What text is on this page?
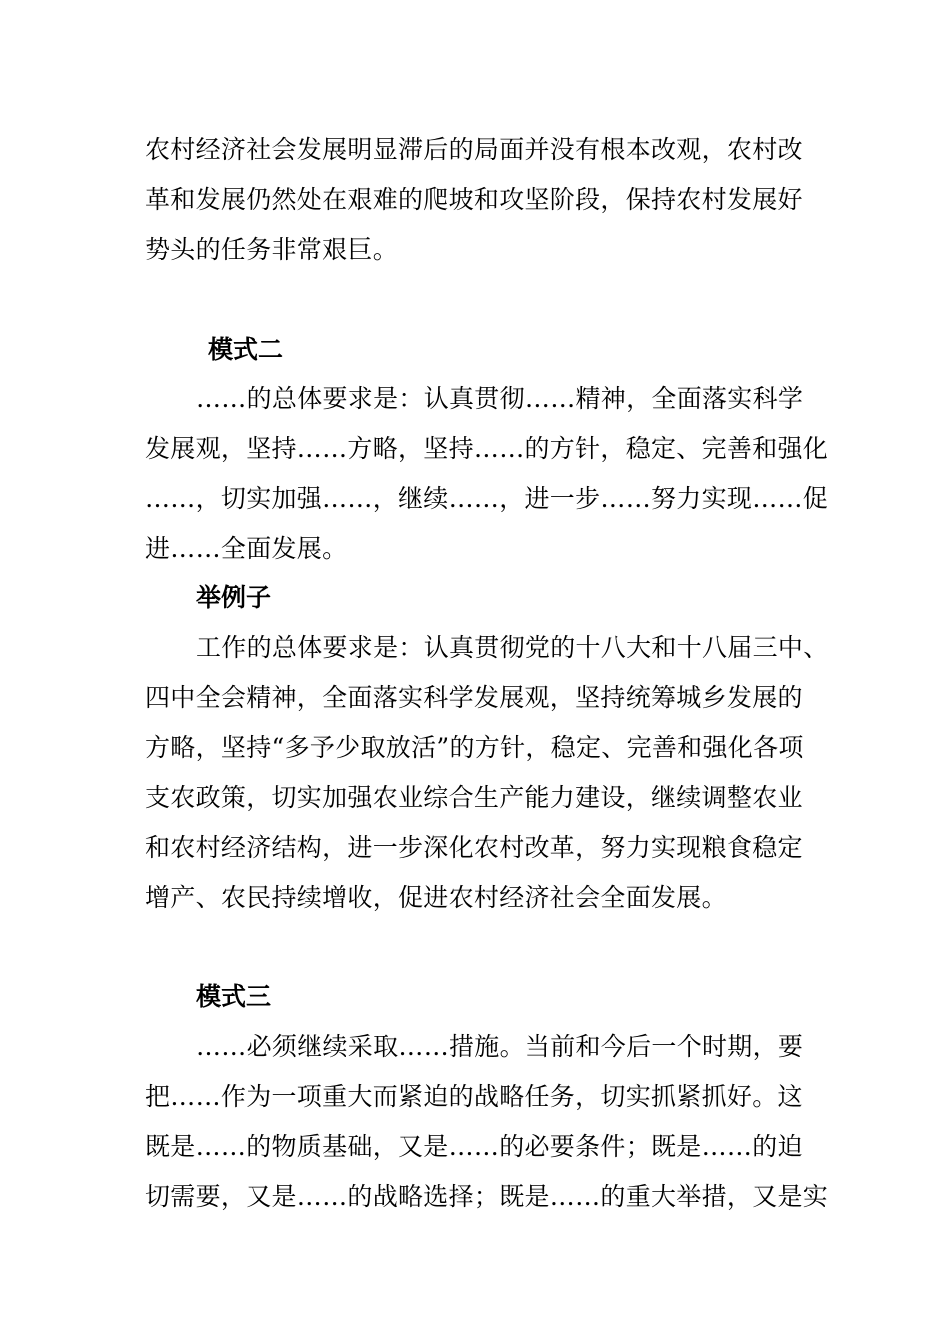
农村经济社会发展明显滞后的局面并没有根本改观，农村改
革和发展仍然处在艰难的爬坡和攻坚阶段，保持农村发展好
势头的任务非常艰巨。
模式二
……的总体要求是：认真贯彻……精神，全面落实科学
发展观，坚持……方略，坚持……的方针，稳定、完善和强化
……，切实加强……，继续……，进一步……努力实现……促
进……全面发展。
举例子
工作的总体要求是：认真贯彻党的十八大和十八届三中、
四中全会精神，全面落实科学发展观，坚持统筹城乡发展的
方略，坚持“多予少取放活”的方针，稳定、完善和强化各项
支农政策，切实加强农业综合生产能力建设，继续调整农业
和农村经济结构，进一步深化农村改革，努力实现粮食稳定
增产、农民持续增收，促进农村经济社会全面发展。
模式三
……必须继续采取……措施。当前和今后一个时期，要
把……作为一项重大而紧迫的战略任务，切实抓紧抓好。这
既是……的物质基础，又是……的必要条件；既是……的迫
切需要，又是……的战略选择；既是……的重大举措，又是实
